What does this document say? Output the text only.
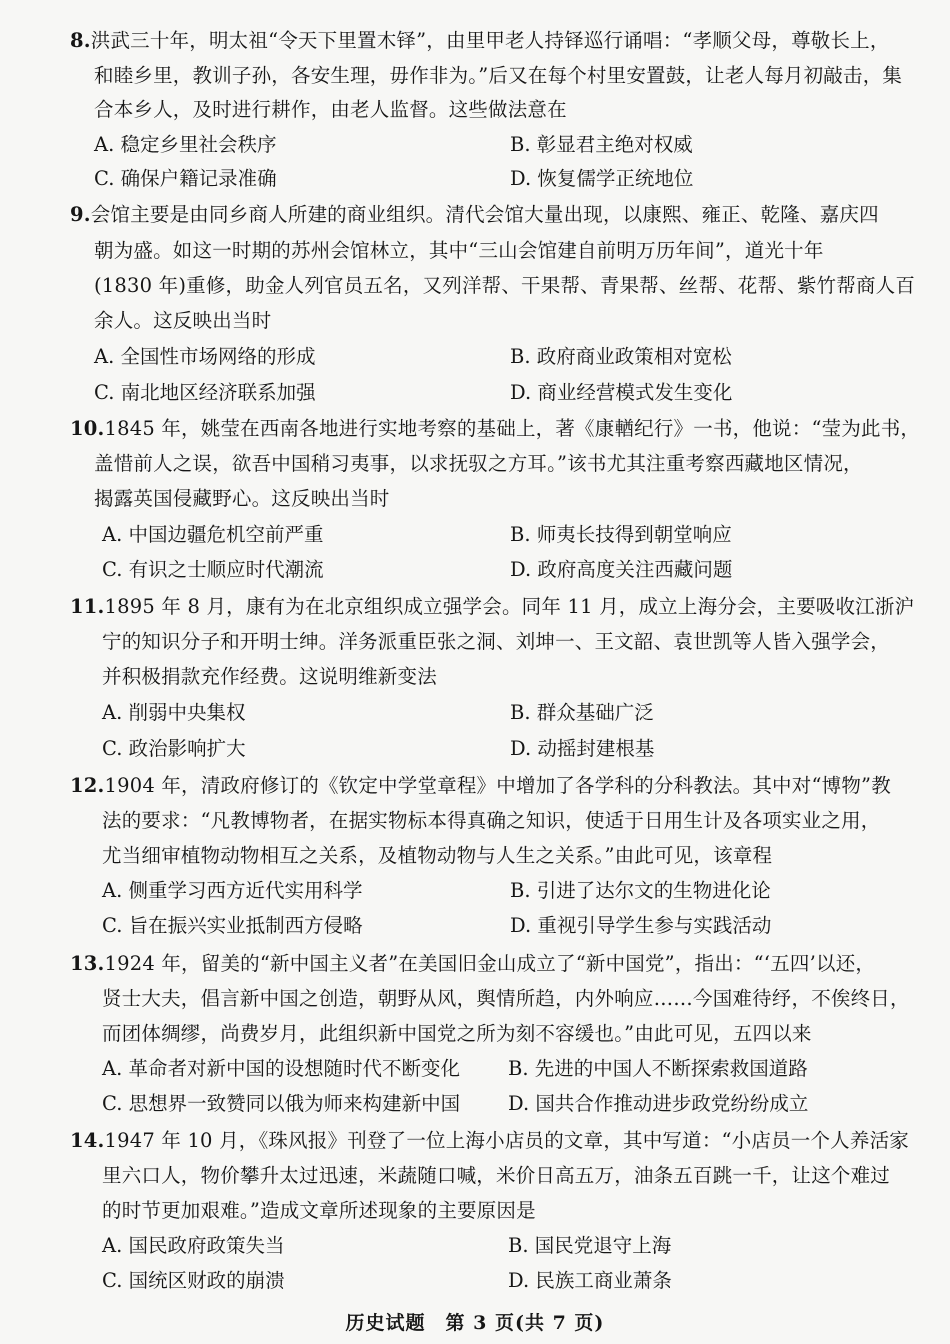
8.洪武三十年，明太祖“令天下里置木铎”，由里甲老人持铎巡行诵唱：“孝顺父母，尊敬长上，
和睦乡里，教训子孙，各安生理，毋作非为。”后又在每个村里安置鼓，让老人每月初敲击，集
合本乡人，及时进行耕作，由老人监督。这些做法意在
A. 稳定乡里社会秩序	B. 彰显君主绝对权威
C. 确保户籍记录准确	D. 恢复儒学正统地位
9.会馆主要是由同乡商人所建的商业组织。清代会馆大量出现，以康熙、雍正、乾隆、嘉庆四
朝为盛。如这一时期的苏州会馆林立，其中“三山会馆建自前明万历年间”，道光十年
(1830 年)重修，助金人列官员五名，又列洋帮、干果帮、青果帮、丝帮、花帮、紫竹帮商人百
余人。这反映出当时
A. 全国性市场网络的形成	B. 政府商业政策相对宽松
C. 南北地区经济联系加强	D. 商业经营模式发生变化
10.1845 年，姚莹在西南各地进行实地考察的基础上，著《康輶纪行》一书，他说：“莹为此书，
盖惜前人之误，欲吾中国稍习夷事，以求抚驭之方耳。”该书尤其注重考察西藏地区情况，
揭露英国侵藏野心。这反映出当时
A. 中国边疆危机空前严重	B. 师夷长技得到朝堂响应
C. 有识之士顺应时代潮流	D. 政府高度关注西藏问题
11.1895 年 8 月，康有为在北京组织成立强学会。同年 11 月，成立上海分会，主要吸收江浙沪
宁的知识分子和开明士绅。洋务派重臣张之洞、刘坤一、王文韶、袁世凯等人皆入强学会，
并积极捐款充作经费。这说明维新变法
A. 削弱中央集权	B. 群众基础广泛
C. 政治影响扩大	D. 动摇封建根基
12.1904 年，清政府修订的《钦定中学堂章程》中增加了各学科的分科教法。其中对“博物”教
法的要求：“凡教博物者，在据实物标本得真确之知识，使适于日用生计及各项实业之用，
尤当细审植物动物相互之关系，及植物动物与人生之关系。”由此可见，该章程
A. 侧重学习西方近代实用科学	B. 引进了达尔文的生物进化论
C. 旨在振兴实业抵制西方侵略	D. 重视引导学生参与实践活动
13.1924 年，留美的“新中国主义者”在美国旧金山成立了“新中国党”，指出：“‘五四’以还，
贤士大夫，倡言新中国之创造，朝野从风，舆情所趋，内外响应……今国难待纾，不俟终日，
而团体绸缪，尚费岁月，此组织新中国党之所为刻不容缓也。”由此可见，五四以来
A. 革命者对新中国的设想随时代不断变化 B. 先进的中国人不断探索救国道路
C. 思想界一致赞同以俄为师来构建新中国 D. 国共合作推动进步政党纷纷成立
14.1947 年 10 月，《珠风报》刊登了一位上海小店员的文章，其中写道：“小店员一个人养活家
里六口人，物价攀升太过迅速，米蔬随口喊，米价日高五万，油条五百跳一千，让这个难过
的时节更加艰难。”造成文章所述现象的主要原因是
A. 国民政府政策失当	B. 国民党退守上海
C. 国统区财政的崩溃	D. 民族工商业萧条
历史试题　第 3 页(共 7 页)
